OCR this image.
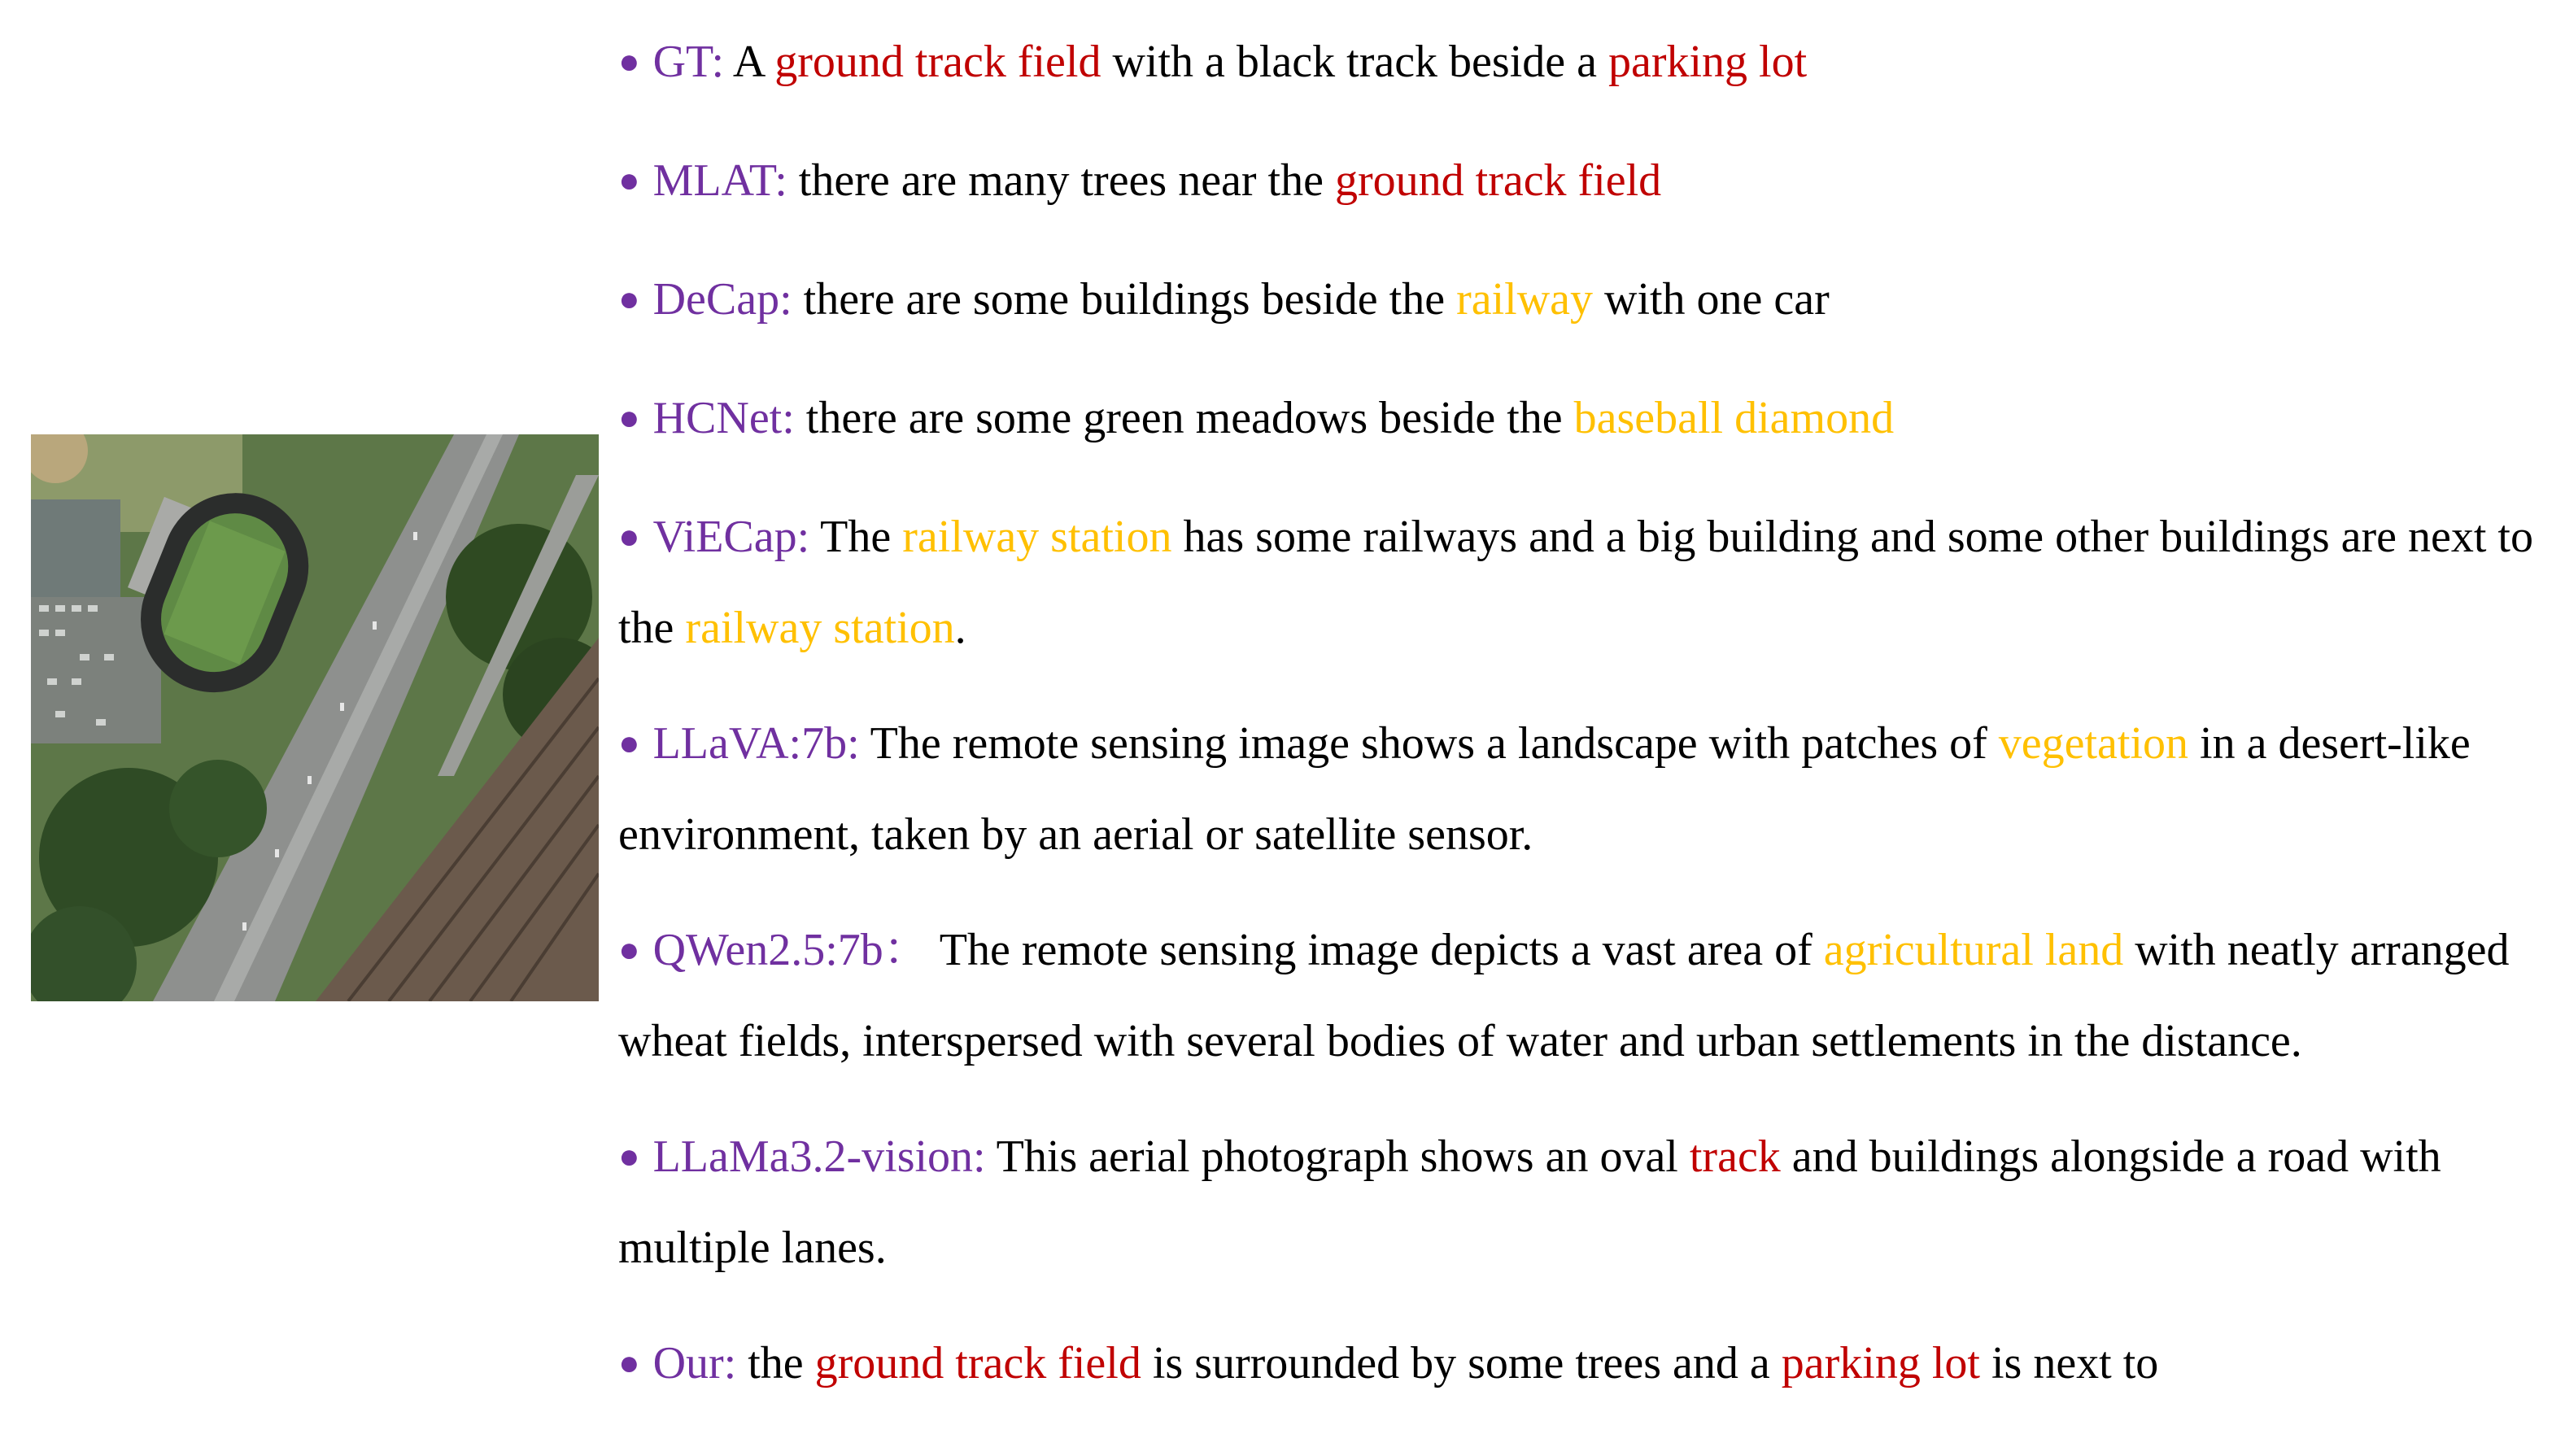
● GT: A ground track field with a black track beside a parking lot
● MLAT: there are many trees near the ground track field
● DeCap: there are some buildings beside the railway with one car
● HCNet: there are some green meadows beside the baseball diamond
● ViECap: The railway station has some railways and a big building and some other buildings are next to the railway station.
● LLaVA:7b: The remote sensing image shows a landscape with patches of vegetation in a desert-like environment, taken by an aerial or satellite sensor.
● QWen2.5:7b： The remote sensing image depicts a vast area of agricultural land with neatly arranged wheat fields, interspersed with several bodies of water and urban settlements in the distance.
● LLaMa3.2-vision: This aerial photograph shows an oval track and buildings alongside a road with multiple lanes.
● Our: the ground track field is surrounded by some trees and a parking lot is next to
